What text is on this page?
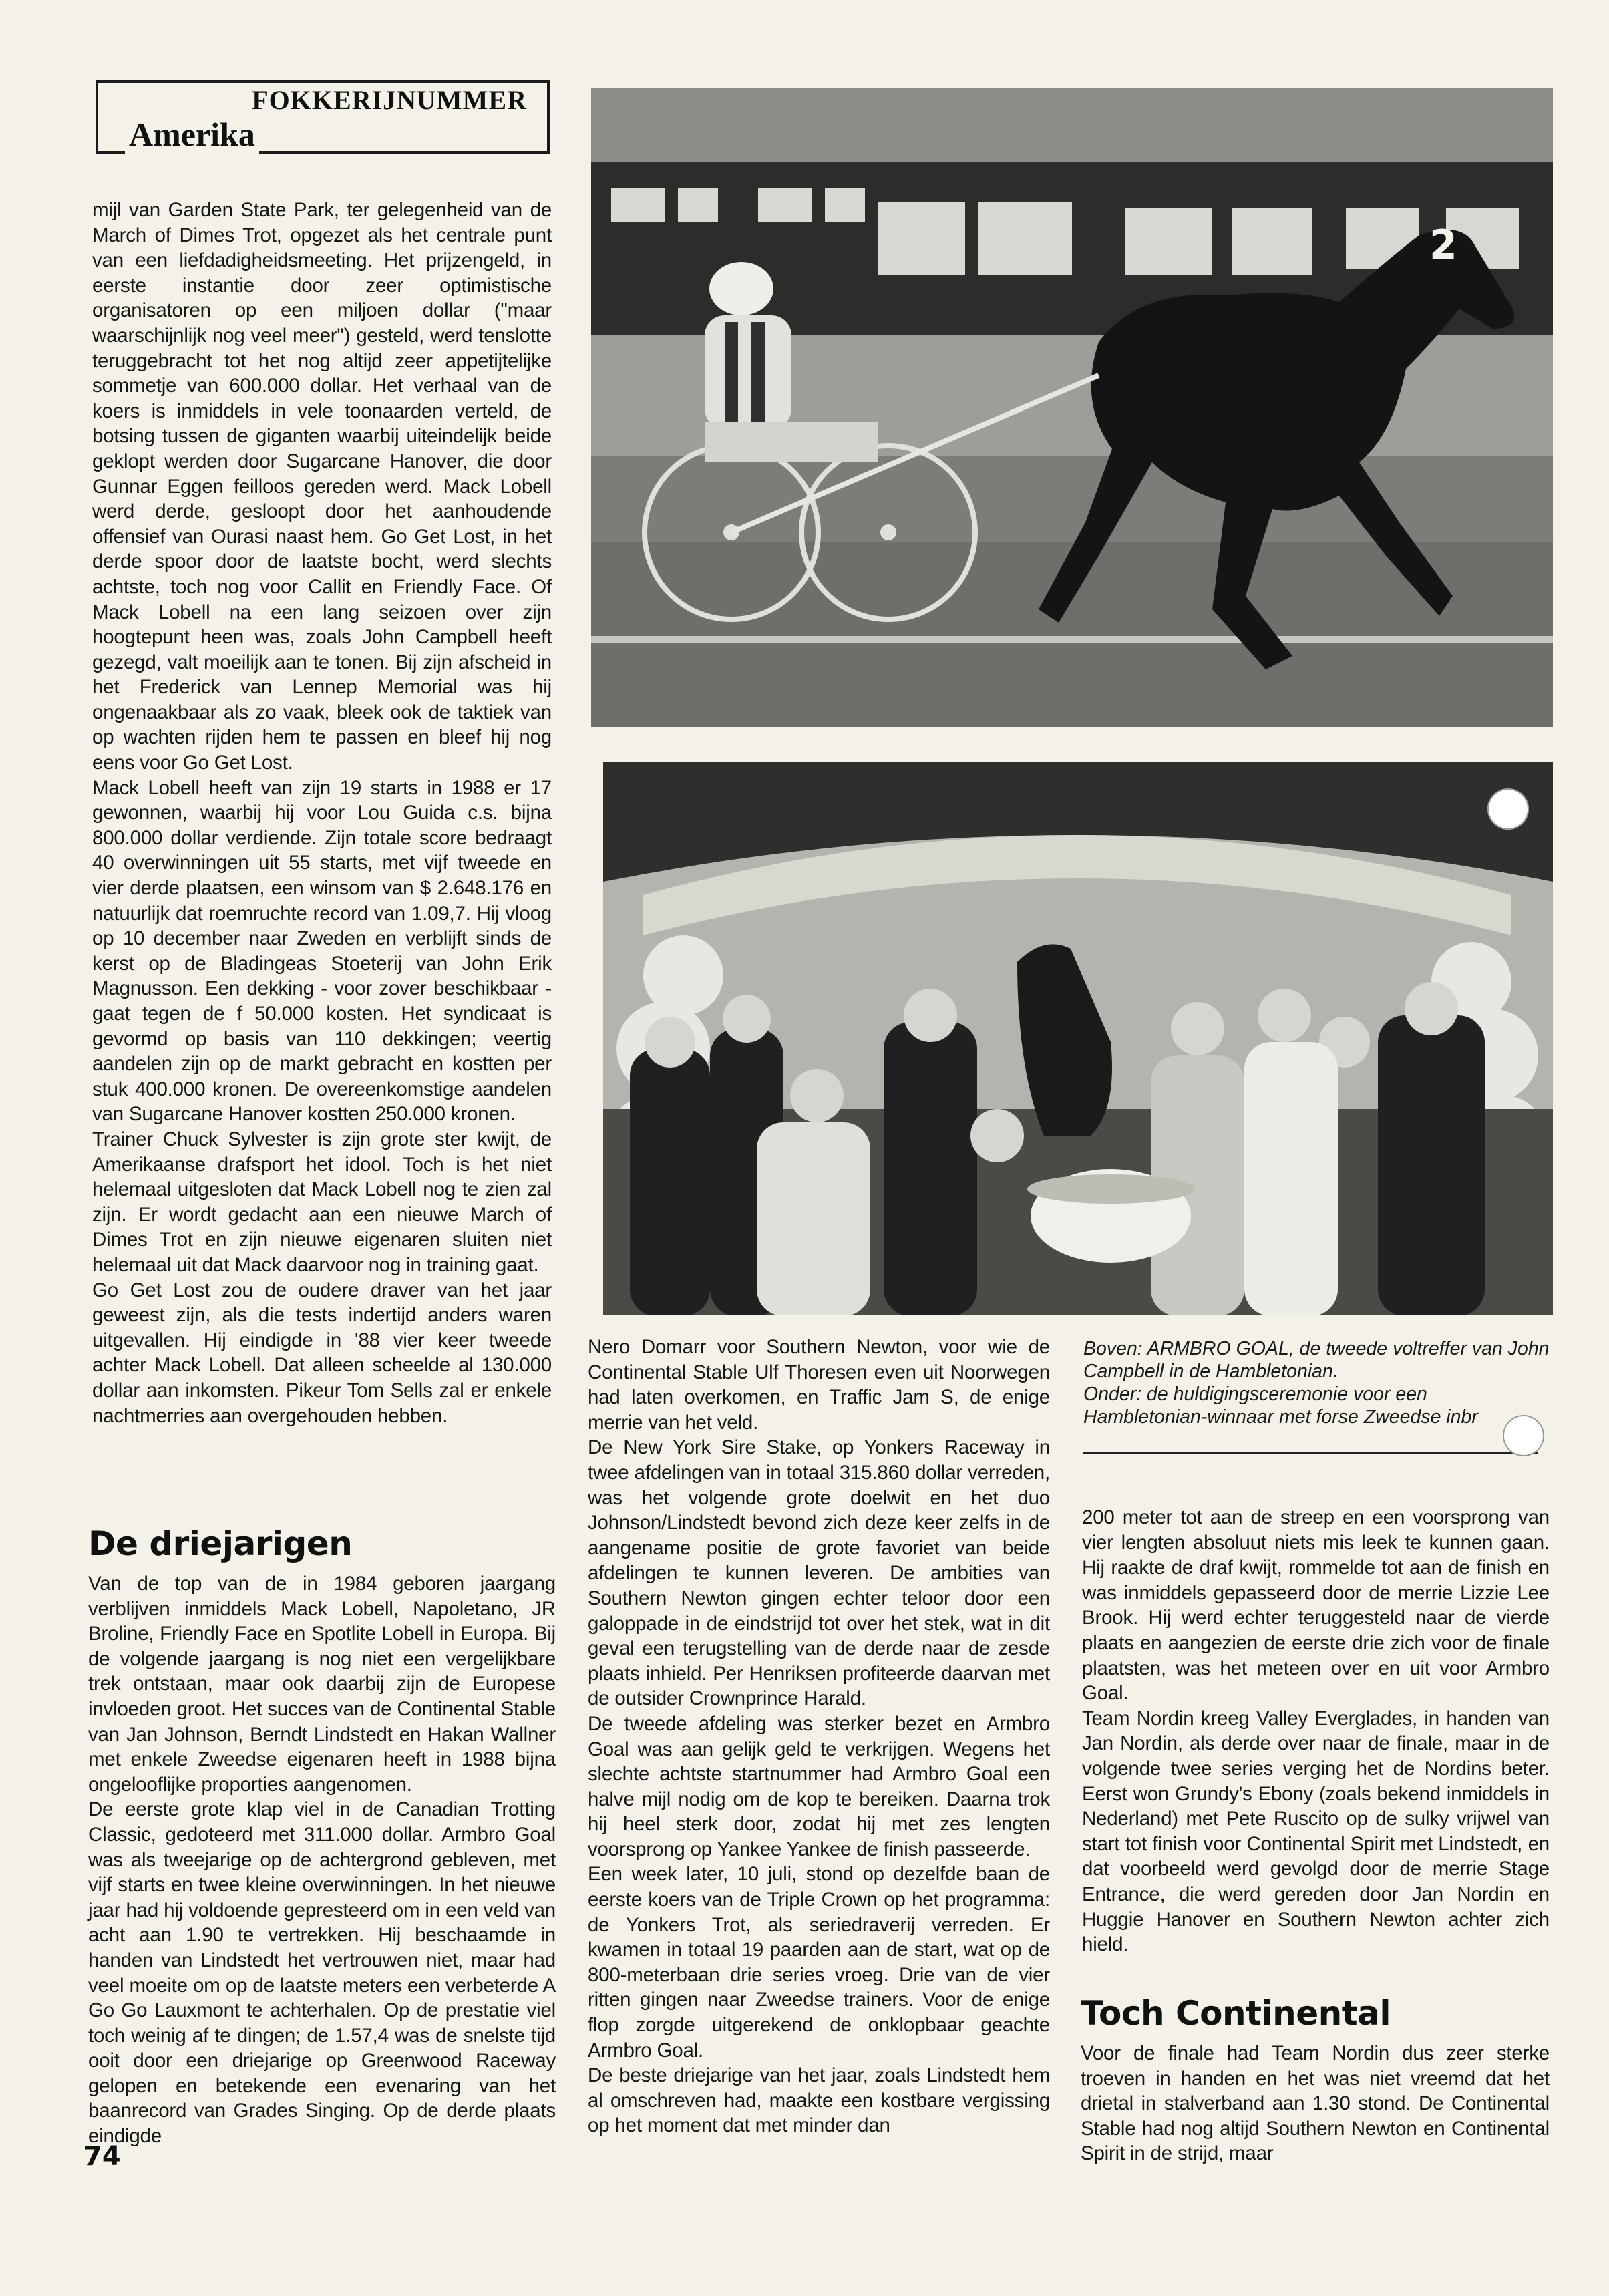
FOKKERIJNUMMER
Amerika

mijl van Garden State Park, ter gelegenheid van de March of Dimes Trot, opgezet als het centrale punt van een liefdadigheidsmeeting. Het prijzengeld, in eerste instantie door zeer optimistische organisatoren op een miljoen dollar ("maar waarschijnlijk nog veel meer") gesteld, werd tenslotte teruggebracht tot het nog altijd zeer appetijtelijke sommetje van 600.000 dollar. Het verhaal van de koers is inmiddels in vele toonaarden verteld, de botsing tussen de giganten waarbij uiteindelijk beide geklopt werden door Sugarcane Hanover, die door Gunnar Eggen feilloos gereden werd. Mack Lobell werd derde, gesloopt door het aanhoudende offensief van Ourasi naast hem. Go Get Lost, in het derde spoor door de laatste bocht, werd slechts achtste, toch nog voor Callit en Friendly Face. Of Mack Lobell na een lang seizoen over zijn hoogtepunt heen was, zoals John Campbell heeft gezegd, valt moeilijk aan te tonen. Bij zijn afscheid in het Frederick van Lennep Memorial was hij ongenaakbaar als zo vaak, bleek ook de taktiek van op wachten rijden hem te passen en bleef hij nog eens voor Go Get Lost.

Mack Lobell heeft van zijn 19 starts in 1988 er 17 gewonnen, waarbij hij voor Lou Guida c.s. bijna 800.000 dollar verdiende. Zijn totale score bedraagt 40 overwinningen uit 55 starts, met vijf tweede en vier derde plaatsen, een winsom van $ 2.648.176 en natuurlijk dat roemruchte record van 1.09,7. Hij vloog op 10 december naar Zweden en verblijft sinds de kerst op de Bladingeas Stoeterij van John Erik Magnusson. Een dekking - voor zover beschikbaar - gaat tegen de f 50.000 kosten. Het syndicaat is gevormd op basis van 110 dekkingen; veertig aandelen zijn op de markt gebracht en kostten per stuk 400.000 kronen. De overeenkomstige aandelen van Sugarcane Hanover kostten 250.000 kronen.

Trainer Chuck Sylvester is zijn grote ster kwijt, de Amerikaanse drafsport het idool. Toch is het niet helemaal uitgesloten dat Mack Lobell nog te zien zal zijn. Er wordt gedacht aan een nieuwe March of Dimes Trot en zijn nieuwe eigenaren sluiten niet helemaal uit dat Mack daarvoor nog in training gaat.

Go Get Lost zou de oudere draver van het jaar geweest zijn, als die tests indertijd anders waren uitgevallen. Hij eindigde in '88 vier keer tweede achter Mack Lobell. Dat alleen scheelde al 130.000 dollar aan inkomsten. Pikeur Tom Sells zal er enkele nachtmerries aan overgehouden hebben.

De driejarigen

Van de top van de in 1984 geboren jaargang verblijven inmiddels Mack Lobell, Napoletano, JR Broline, Friendly Face en Spotlite Lobell in Europa. Bij de volgende jaargang is nog niet een vergelijkbare trek ontstaan, maar ook daarbij zijn de Europese invloeden groot. Het succes van de Continental Stable van Jan Johnson, Berndt Lindstedt en Hakan Wallner met enkele Zweedse eigenaren heeft in 1988 bijna ongelooflijke proporties aangenomen.

De eerste grote klap viel in de Canadian Trotting Classic, gedoteerd met 311.000 dollar. Armbro Goal was als tweejarige op de achtergrond gebleven, met vijf starts en twee kleine overwinningen. In het nieuwe jaar had hij voldoende gepresteerd om in een veld van acht aan 1.90 te vertrekken. Hij beschaamde in handen van Lindstedt het vertrouwen niet, maar had veel moeite om op de laatste meters een verbeterde A Go Go Lauxmont te achterhalen. Op de prestatie viel toch weinig af te dingen; de 1.57,4 was de snelste tijd ooit door een driejarige op Greenwood Raceway gelopen en betekende een evenaring van het baanrecord van Grades Singing. Op de derde plaats eindigde

2

Nero Domarr voor Southern Newton, voor wie de Continental Stable Ulf Thoresen even uit Noorwegen had laten overkomen, en Traffic Jam S, de enige merrie van het veld.

De New York Sire Stake, op Yonkers Raceway in twee afdelingen van in totaal 315.860 dollar verreden, was het volgende grote doelwit en het duo Johnson/Lindstedt bevond zich deze keer zelfs in de aangename positie de grote favoriet van beide afdelingen te kunnen leveren. De ambities van Southern Newton gingen echter teloor door een galoppade in de eindstrijd tot over het stek, wat in dit geval een terugstelling van de derde naar de zesde plaats inhield. Per Henriksen profiteerde daarvan met de outsider Crownprince Harald.

De tweede afdeling was sterker bezet en Armbro Goal was aan gelijk geld te verkrijgen. Wegens het slechte achtste startnummer had Armbro Goal een halve mijl nodig om de kop te bereiken. Daarna trok hij heel sterk door, zodat hij met zes lengten voorsprong op Yankee Yankee de finish passeerde.

Een week later, 10 juli, stond op dezelfde baan de eerste koers van de Triple Crown op het programma: de Yonkers Trot, als seriedraverij verreden. Er kwamen in totaal 19 paarden aan de start, wat op de 800-meterbaan drie series vroeg. Drie van de vier ritten gingen naar Zweedse trainers. Voor de enige flop zorgde uitgerekend de onklopbaar geachte Armbro Goal.

De beste driejarige van het jaar, zoals Lindstedt hem al omschreven had, maakte een kostbare vergissing op het moment dat met minder dan

Boven: ARMBRO GOAL, de tweede voltreffer van John Campbell in de Hambletonian.
Onder: de huldigingsceremonie voor een Hambletonian-winnaar met forse Zweedse inbr

200 meter tot aan de streep en een voorsprong van vier lengten absoluut niets mis leek te kunnen gaan. Hij raakte de draf kwijt, rommelde tot aan de finish en was inmiddels gepasseerd door de merrie Lizzie Lee Brook. Hij werd echter teruggesteld naar de vierde plaats en aangezien de eerste drie zich voor de finale plaatsten, was het meteen over en uit voor Armbro Goal.

Team Nordin kreeg Valley Everglades, in handen van Jan Nordin, als derde over naar de finale, maar in de volgende twee series verging het de Nordins beter. Eerst won Grundy's Ebony (zoals bekend inmiddels in Nederland) met Pete Ruscito op de sulky vrijwel van start tot finish voor Continental Spirit met Lindstedt, en dat voorbeeld werd gevolgd door de merrie Stage Entrance, die werd gereden door Jan Nordin en Huggie Hanover en Southern Newton achter zich hield.

Toch Continental

Voor de finale had Team Nordin dus zeer sterke troeven in handen en het was niet vreemd dat het drietal in stalverband aan 1.30 stond. De Continental Stable had nog altijd Southern Newton en Continental Spirit in de strijd, maar

74
